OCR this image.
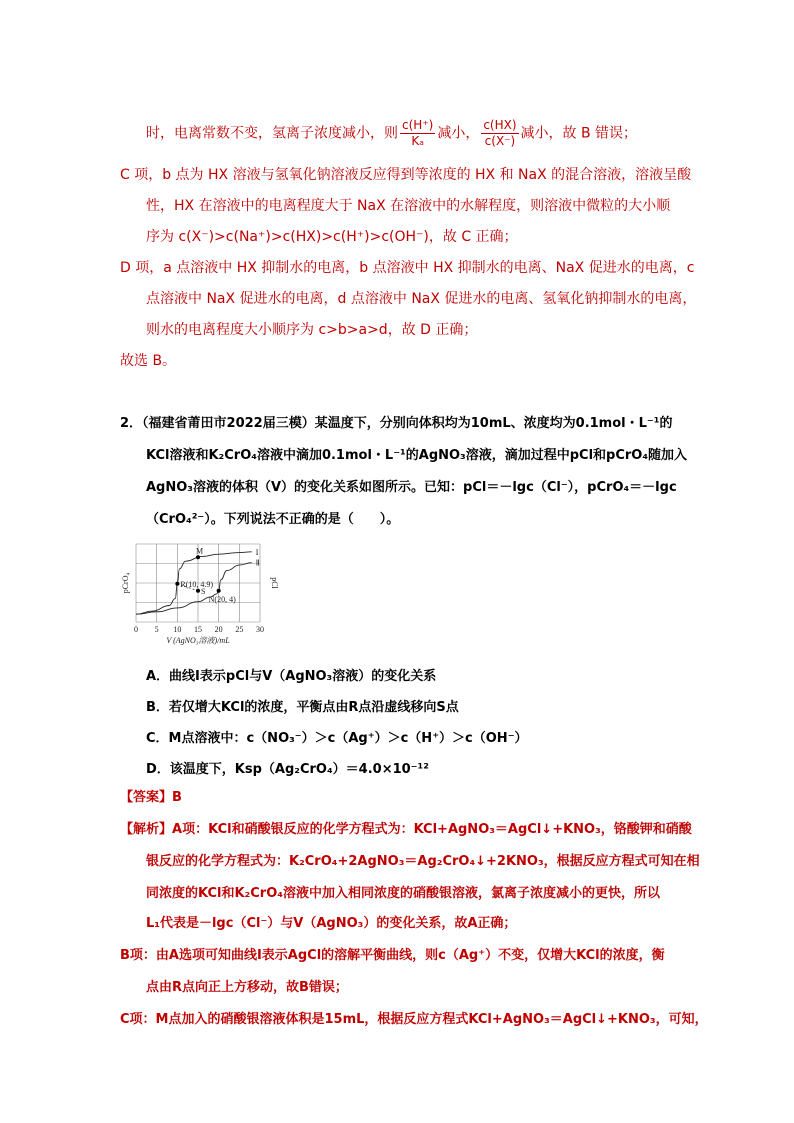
时，电离常数不变，氢离子浓度减小，则 $\frac{c(H^+)}{\text{Kₐ}}$ 减小， $\frac{c(HX)}{c(X^-)}$ 减小，故 B 错误；
C 项，b 点为 HX 溶液与氢氧化钠溶液反应得到等浓度的 HX 和 NaX 的混合溶液，溶液呈酸
性，HX 在溶液中的电离程度大于 NaX 在溶液中的水解程度，则溶液中微粒的大小顺
序为 c(X⁻)>c(Na⁺)>c(HX)>c(H⁺)>c(OH⁻)，故 C 正确；
D 项，a 点溶液中 HX 抑制水的电离，b 点溶液中 HX 抑制水的电离、NaX 促进水的电离，c
点溶液中 NaX 促进水的电离，d 点溶液中 NaX 促进水的电离、氢氧化钠抑制水的电离，
则水的电离程度大小顺序为 c>b>a>d，故 D 正确；
故选 B。
2．（福建省莆田市2022届三模）某温度下，分别向体积均为10mL、浓度均为0.1mol・L⁻¹的
KCl溶液和K₂CrO₄溶液中滴加0.1mol・L⁻¹的AgNO₃溶液，滴加过程中pCl和pCrO₄随加入
AgNO₃溶液的体积（V）的变化关系如图所示。已知：pCl＝－lgc（Cl⁻），pCrO₄＝－lgc
（CrO₄²⁻）。下列说法不正确的是（　　）。
0 5 10 15 20 25 30
V (AgNO₃溶液)/mL
pCrO₄	pCl
I
Ⅱ
M
R(10, 4.9)
S
N(20, 4)
A．曲线I表示pCl与V（AgNO₃溶液）的变化关系
B．若仅增大KCl的浓度，平衡点由R点沿虚线移向S点
C．M点溶液中：c（NO₃⁻）＞c（Ag⁺）＞c（H⁺）＞c（OH⁻）
D．该温度下，Ksp（Ag₂CrO₄）＝4.0×10⁻¹²
【答案】B
【解析】A项：KCl和硝酸银反应的化学方程式为：KCl+AgNO₃＝AgCl↓+KNO₃，铬酸钾和硝酸
银反应的化学方程式为：K₂CrO₄+2AgNO₃＝Ag₂CrO₄↓+2KNO₃，根据反应方程式可知在相
同浓度的KCl和K₂CrO₄溶液中加入相同浓度的硝酸银溶液，氯离子浓度减小的更快，所以
L₁代表是－lgc（Cl⁻）与V（AgNO₃）的变化关系，故A正确；
B项：由A选项可知曲线I表示AgCl的溶解平衡曲线，则c（Ag⁺）不变，仅增大KCl的浓度，衡
点由R点向正上方移动，故B错误；
C项：M点加入的硝酸银溶液体积是15mL，根据反应方程式KCl+AgNO₃＝AgCl↓+KNO₃，可知，
